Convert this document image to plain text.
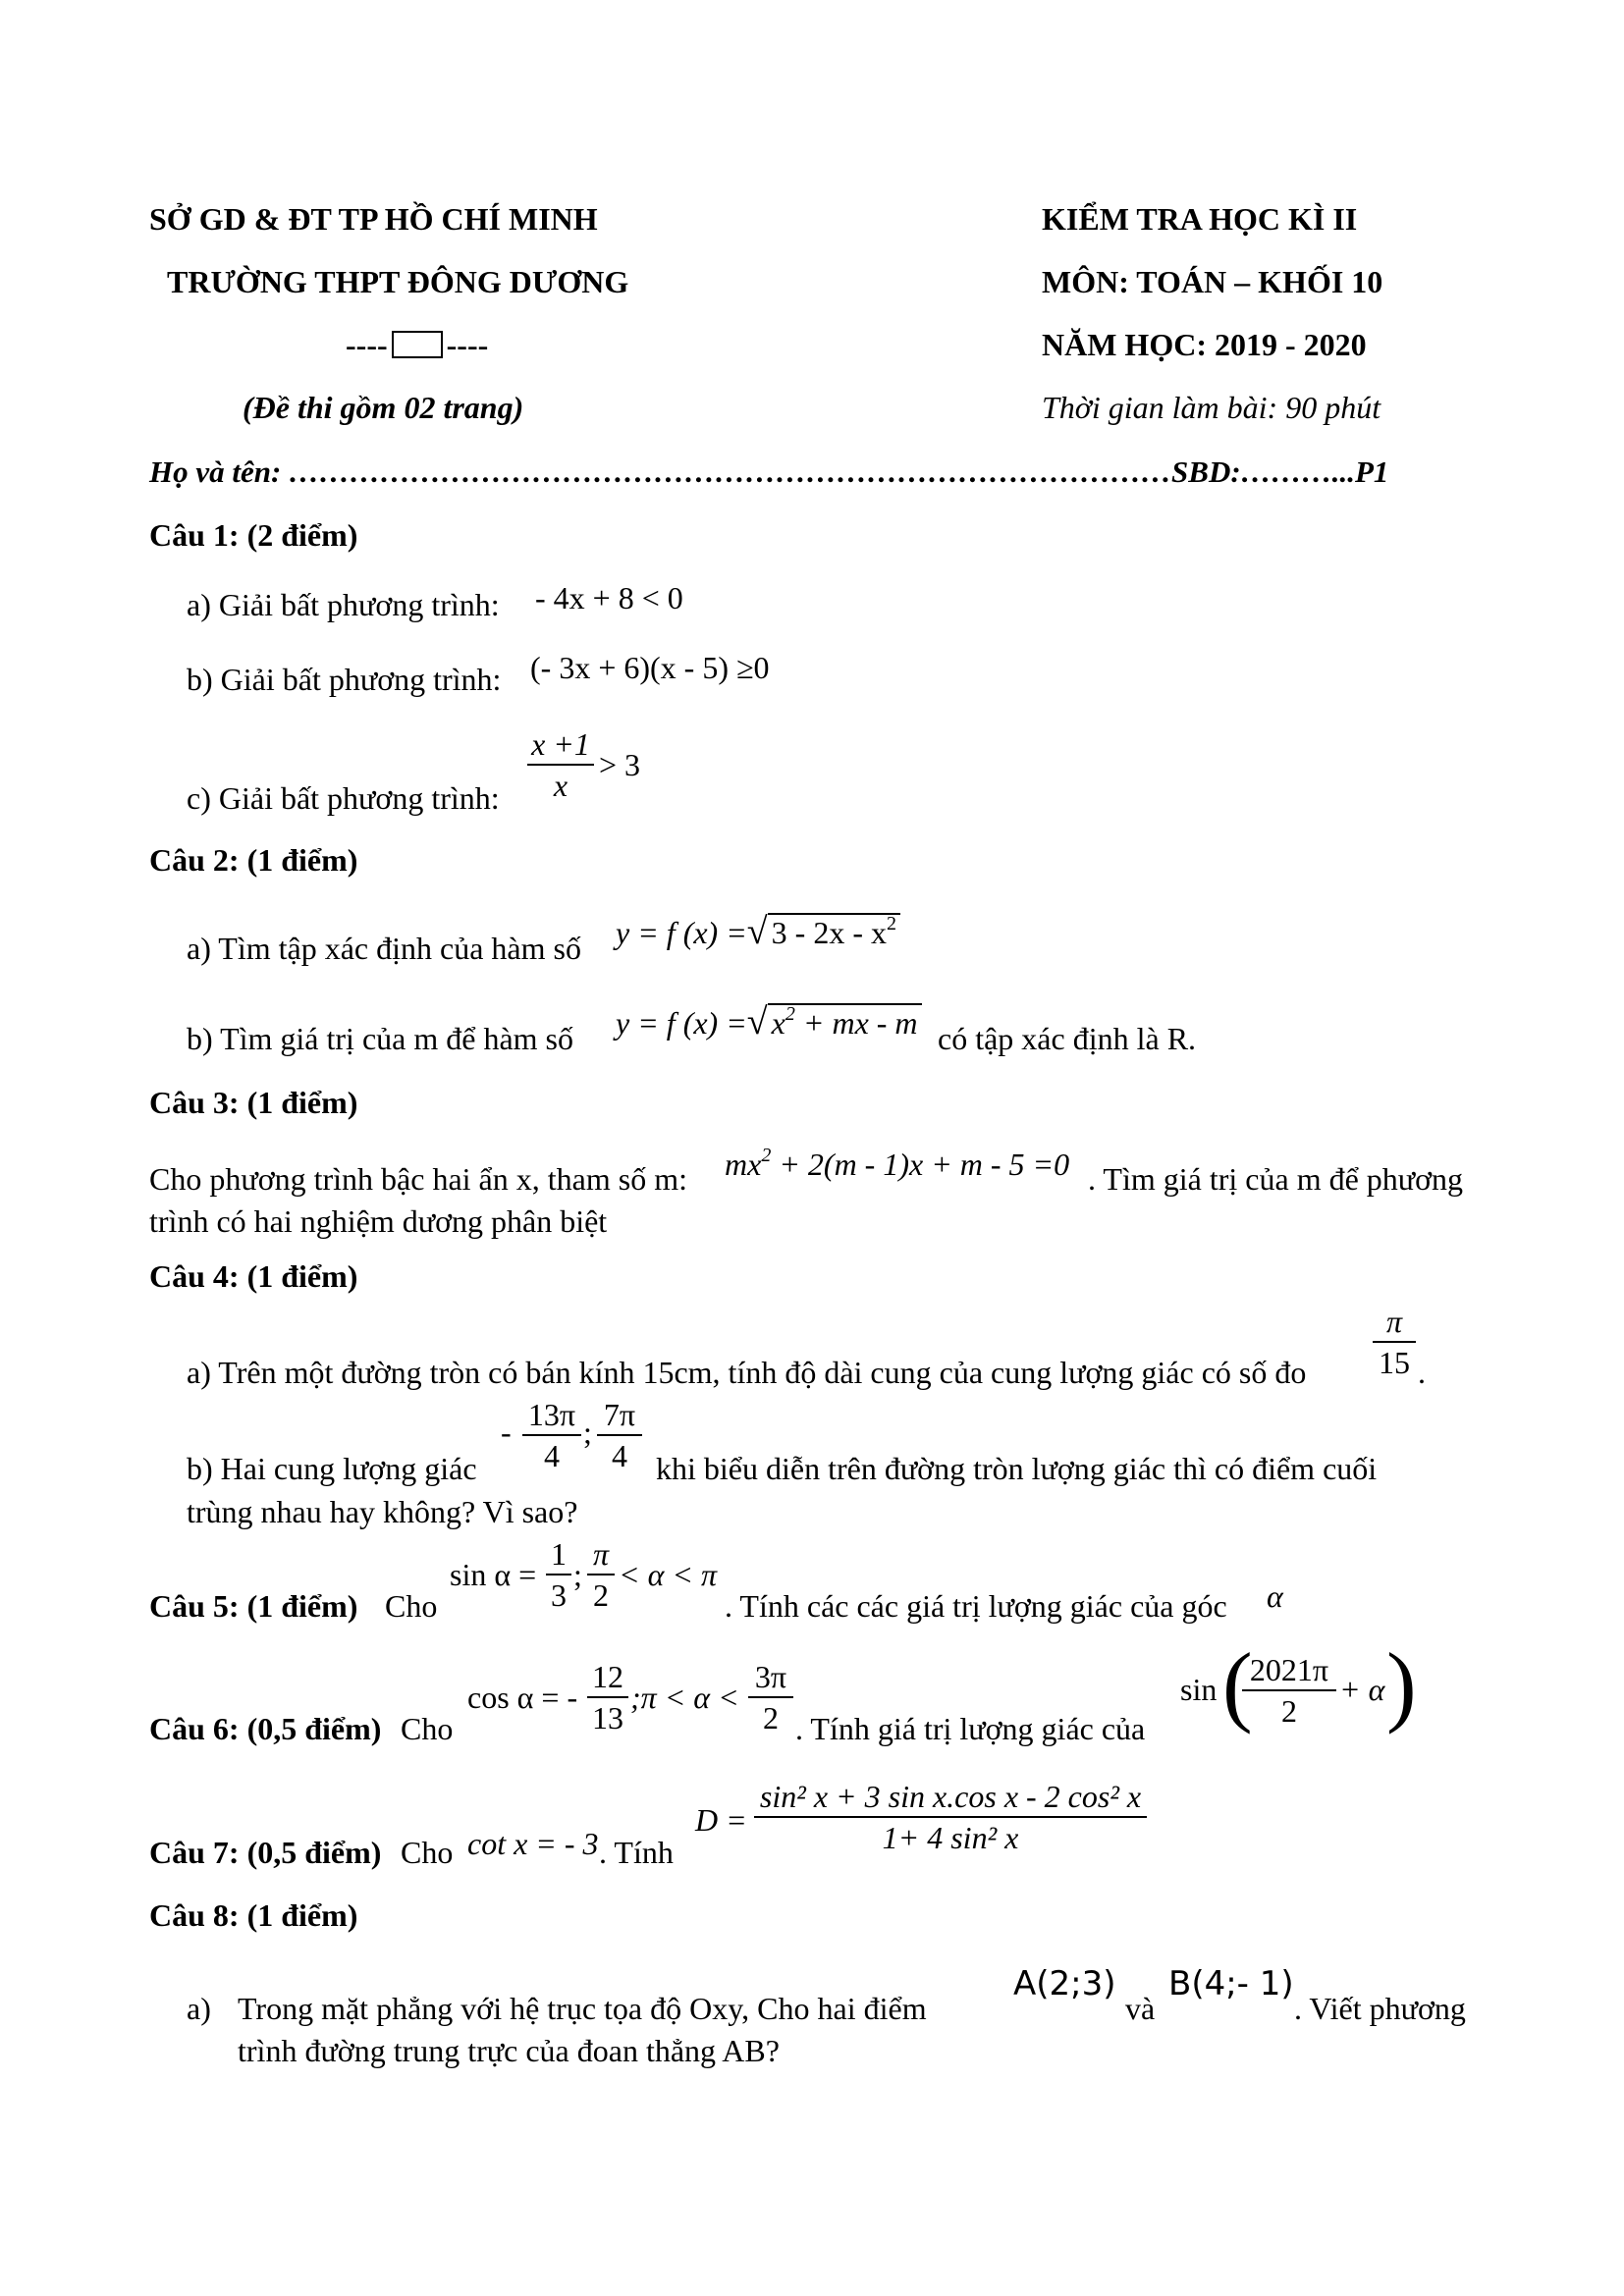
SỞ GD & ĐT TP HỒ CHÍ MINH
TRƯỜNG THPT ĐÔNG DƯƠNG
---- ----
(Đề thi gồm 02 trang)
KIỂM TRA HỌC KÌ II
MÔN: TOÁN – KHỐI 10
NĂM HỌC: 2019 - 2020
Thời gian làm bài: 90 phút
Họ và tên: ……………………………………………………………………………SBD:………...P1
Câu 1: (2 điểm)
a) Giải bất phương trình: - 4x + 8 < 0
b) Giải bất phương trình: (- 3x + 6)(x - 5) ≥0
c) Giải bất phương trình:
x +1
x
> 3
Câu 2: (1 điểm)
a) Tìm tập xác định của hàm số y = f (x) =√ $3 - 2x - x^2$
b) Tìm giá trị của m để hàm số y = f (x) =√ $x^2$ + mx - m có tập xác định là R.
Câu 3: (1 điểm)
Cho phương trình bậc hai ẩn x, tham số m: $mx^2 + 2(m - 1)x + m - 5 =0$ . Tìm giá trị của m để phương
trình có hai nghiệm dương phân biệt
Câu 4: (1 điểm)
a) Trên một đường tròn có bán kính 15cm, tính độ dài cung của cung lượng giác có số đo
π
15 .
b) Hai cung lượng giác
- 13π
4
; 7π
4 khi biểu diễn trên đường tròn lượng giác thì có điểm cuối
trùng nhau hay không? Vì sao?
Câu 5: (1 điểm) Cho
sin α =
1
3
;
π
2
< α < π
. Tính các các giá trị lượng giác của góc α
Câu 6: (0,5 điểm) Cho
cos α = -
12
13
;π < α <
3π
2 . Tính giá trị lượng giác của
sin (
2021π
2
+ α )
Câu 7: (0,5 điểm) Cho cot x = - 3 . Tính
D =
sin² x + 3 sin x.cos x - 2 cos² x
1+ 4 sin² x
Câu 8: (1 điểm)
a) Trong mặt phẳng với hệ trục tọa độ Oxy, Cho hai điểm
A(2;3)
và
B(4;- 1)
. Viết phương
trình đường trung trực của đoan thẳng AB?
